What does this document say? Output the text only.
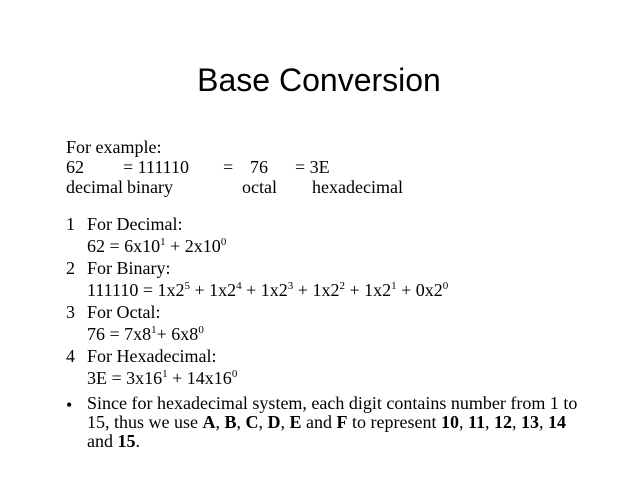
Base Conversion
For example:
62 = 111110 = 76 = 3E
decimal binary	octal hexadecimal
1 For Decimal:
$62 = 6x10^1 + 2x10^0$
2 For Binary:
$111110 = 1x2^5 + 1x2^4 + 1x2^3 + 1x2^2 + 1x2^1 + 0x2^0$
3 For Octal:
$76 = 7x8^1+ 6x8^0$
4 For Hexadecimal:
$3E = 3x16^1 + 14x16^0$
• Since for hexadecimal system, each digit contains number from 1 to 15, thus we use A, B, C, D, E and F to represent 10, 11, 12, 13, 14 and 15.
